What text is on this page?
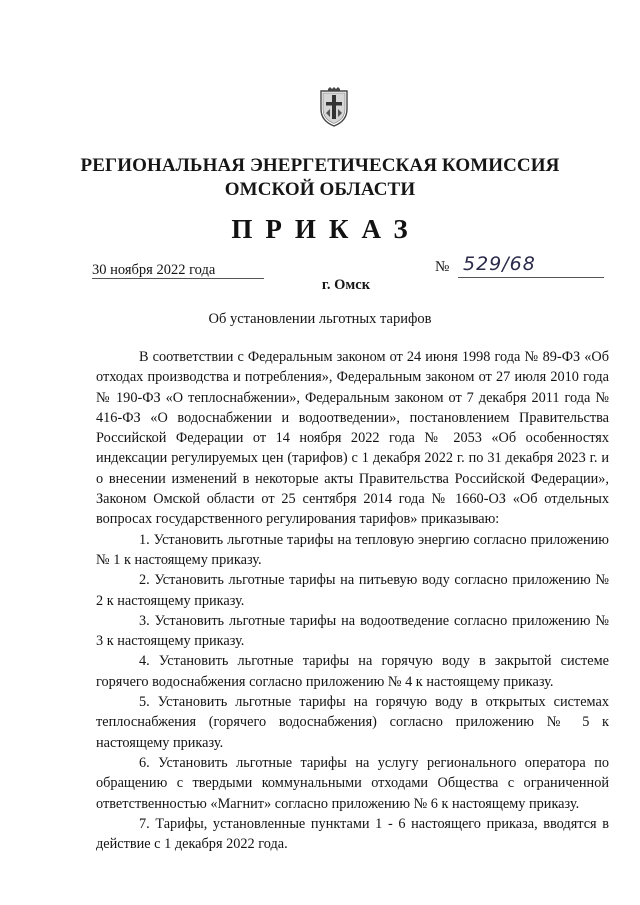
РЕГИОНАЛЬНАЯ ЭНЕРГЕТИЧЕСКАЯ КОМИССИЯ
ОМСКОЙ ОБЛАСТИ
ПРИКАЗ
30 ноября 2022 года	№ 529/68
г. Омск
Об установлении льготных тарифов

В соответствии с Федеральным законом от 24 июня 1998 года № 89-ФЗ «Об отходах производства и потребления», Федеральным законом от 27 июля 2010 года № 190-ФЗ «О теплоснабжении», Федеральным законом от 7 декабря 2011 года № 416-ФЗ «О водоснабжении и водоотведении», постановлением Правительства Российской Федерации от 14 ноября 2022 года № 2053 «Об особенностях индексации регулируемых цен (тарифов) с 1 декабря 2022 г. по 31 декабря 2023 г. и о внесении изменений в некоторые акты Правительства Российской Федерации», Законом Омской области от 25 сентября 2014 года № 1660-ОЗ «Об отдельных вопросах государственного регулирования тарифов» приказываю:

1. Установить льготные тарифы на тепловую энергию согласно приложению № 1 к настоящему приказу.

2. Установить льготные тарифы на питьевую воду согласно приложению № 2 к настоящему приказу.

3. Установить льготные тарифы на водоотведение согласно приложению № 3 к настоящему приказу.

4. Установить льготные тарифы на горячую воду в закрытой системе горячего водоснабжения согласно приложению № 4 к настоящему приказу.

5. Установить льготные тарифы на горячую воду в открытых системах теплоснабжения (горячего водоснабжения) согласно приложению № 5 к настоящему приказу.

6. Установить льготные тарифы на услугу регионального оператора по обращению с твердыми коммунальными отходами Общества с ограниченной ответственностью «Магнит» согласно приложению № 6 к настоящему приказу.

7. Тарифы, установленные пунктами 1 - 6 настоящего приказа, вводятся в действие с 1 декабря 2022 года.
